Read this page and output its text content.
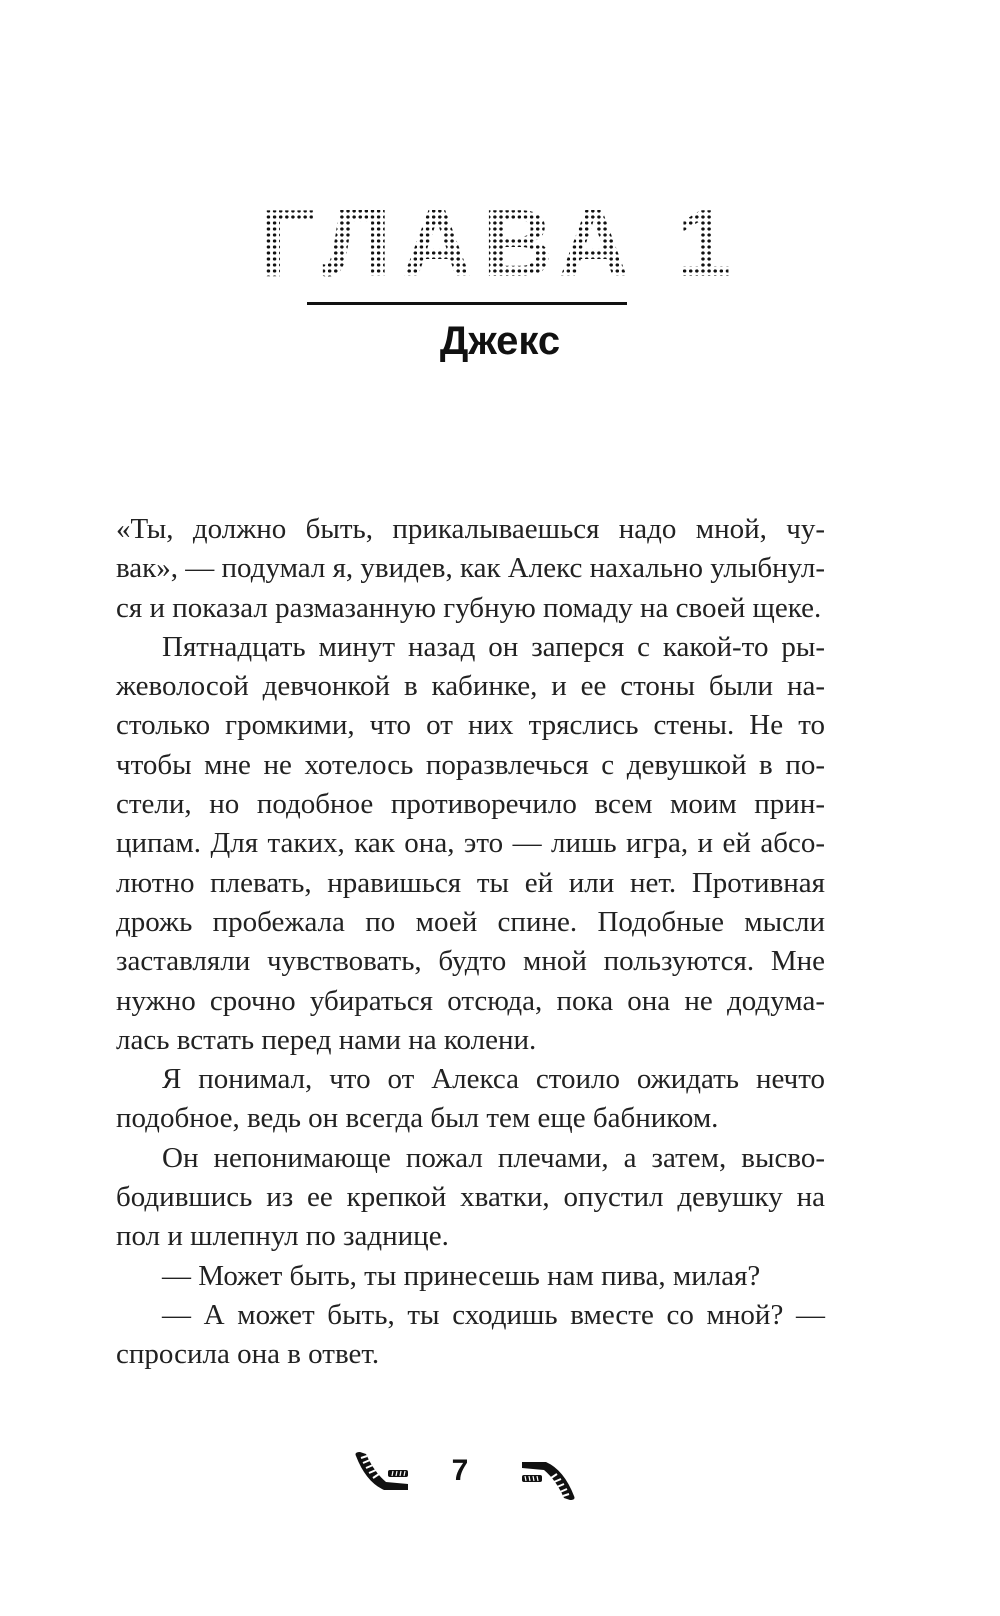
ГЛАВА 1
Джекс
«Ты, должно быть, прикалываешься надо мной, чу-
вак», — подумал я, увидев, как Алекс нахально улыбнул-
ся и показал размазанную губную помаду на своей щеке.
Пятнадцать минут назад он заперся с какой-то ры-
жеволосой девчонкой в кабинке, и ее стоны были на-
столько громкими, что от них тряслись стены. Не то
чтобы мне не хотелось поразвлечься с девушкой в по-
стели, но подобное противоречило всем моим прин-
ципам. Для таких, как она, это — лишь игра, и ей абсо-
лютно плевать, нравишься ты ей или нет. Противная
дрожь пробежала по моей спине. Подобные мысли
заставляли чувствовать, будто мной пользуются. Мне
нужно срочно убираться отсюда, пока она не додума-
лась встать перед нами на колени.
Я понимал, что от Алекса стоило ожидать нечто
подобное, ведь он всегда был тем еще бабником.
Он непонимающе пожал плечами, а затем, высво-
бодившись из ее крепкой хватки, опустил девушку на
пол и шлепнул по заднице.
— Может быть, ты принесешь нам пива, милая?
— А может быть, ты сходишь вместе со мной? —
спросила она в ответ.
7
